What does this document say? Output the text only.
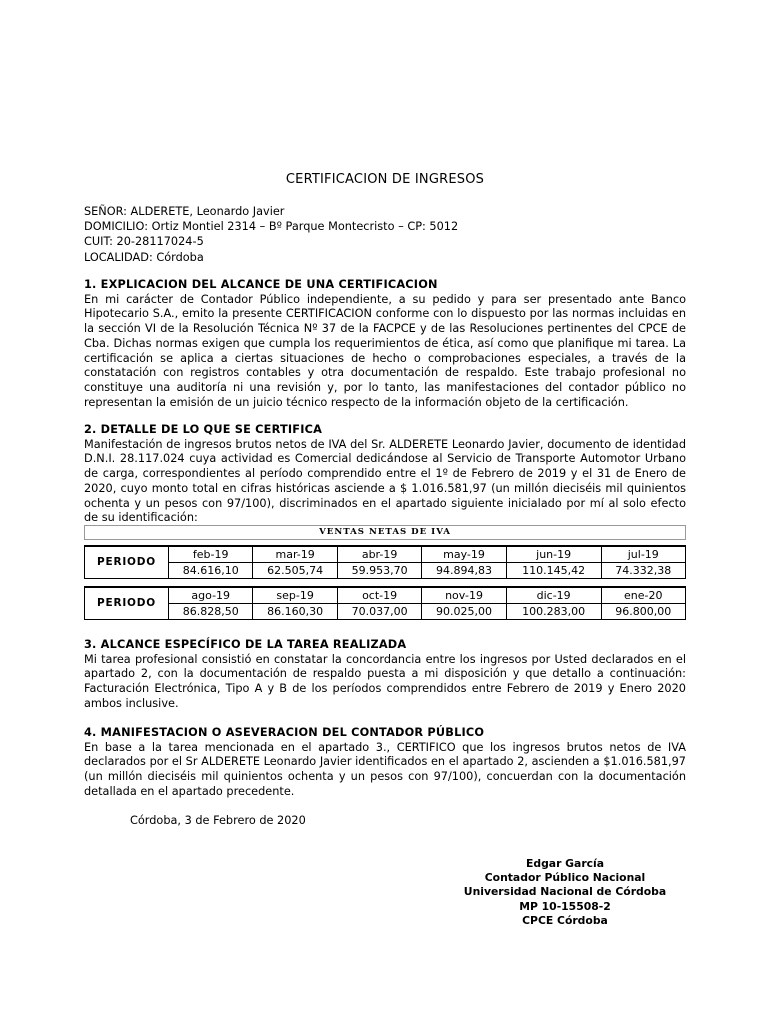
CERTIFICACION DE INGRESOS
SEÑOR: ALDERETE, Leonardo Javier
DOMICILIO: Ortiz Montiel 2314 – Bº Parque Montecristo – CP: 5012
CUIT: 20-28117024-5
LOCALIDAD: Córdoba
1. EXPLICACION DEL ALCANCE DE UNA CERTIFICACION

En mi carácter de Contador Público independiente, a su pedido y para ser presentado ante Banco Hipotecario S.A., emito la presente CERTIFICACION conforme con lo dispuesto por las normas incluidas en la sección VI de la Resolución Técnica Nº 37 de la FACPCE y de las Resoluciones pertinentes del CPCE de Cba. Dichas normas exigen que cumpla los requerimientos de ética, así como que planifique mi tarea. La certificación se aplica a ciertas situaciones de hecho o comprobaciones especiales, a través de la constatación con registros contables y otra documentación de respaldo. Este trabajo profesional no constituye una auditoría ni una revisión y, por lo tanto, las manifestaciones del contador público no representan la emisión de un juicio técnico respecto de la información objeto de la certificación.

2. DETALLE DE LO QUE SE CERTIFICA

Manifestación de ingresos brutos netos de IVA del Sr. ALDERETE Leonardo Javier, documento de identidad D.N.I. 28.117.024 cuya actividad es Comercial dedicándose al Servicio de Transporte Automotor Urbano de carga, correspondientes al período comprendido entre el 1º de Febrero de 2019 y el 31 de Enero de 2020, cuyo monto total en cifras históricas asciende a $ 1.016.581,97 (un millón dieciséis mil quinientos ochenta y un pesos con 97/100), discriminados en el apartado siguiente inicialado por mí al solo efecto de su identificación:

VENTAS NETAS DE IVA
PERIODO	feb-19	mar-19	abr-19	may-19	jun-19	jul-19
	84.616,10	62.505,74	59.953,70	94.894,83	110.145,42	74.332,38
PERIODO	ago-19	sep-19	oct-19	nov-19	dic-19	ene-20
	86.828,50	86.160,30	70.037,00	90.025,00	100.283,00	96.800,00
3. ALCANCE ESPECÍFICO DE LA TAREA REALIZADA

Mi tarea profesional consistió en constatar la concordancia entre los ingresos por Usted declarados en el apartado 2, con la documentación de respaldo puesta a mi disposición y que detallo a continuación: Facturación Electrónica, Tipo A y B de los períodos comprendidos entre Febrero de 2019 y Enero 2020 ambos inclusive.

4. MANIFESTACION O ASEVERACION DEL CONTADOR PÚBLICO

En base a la tarea mencionada en el apartado 3., CERTIFICO que los ingresos brutos netos de IVA declarados por el Sr ALDERETE Leonardo Javier identificados en el apartado 2, ascienden a $1.016.581,97 (un millón dieciséis mil quinientos ochenta y un pesos con 97/100), concuerdan con la documentación detallada en el apartado precedente.

Córdoba, 3 de Febrero de 2020
Edgar García
Contador Público Nacional
Universidad Nacional de Córdoba
MP 10-15508-2
CPCE Córdoba
